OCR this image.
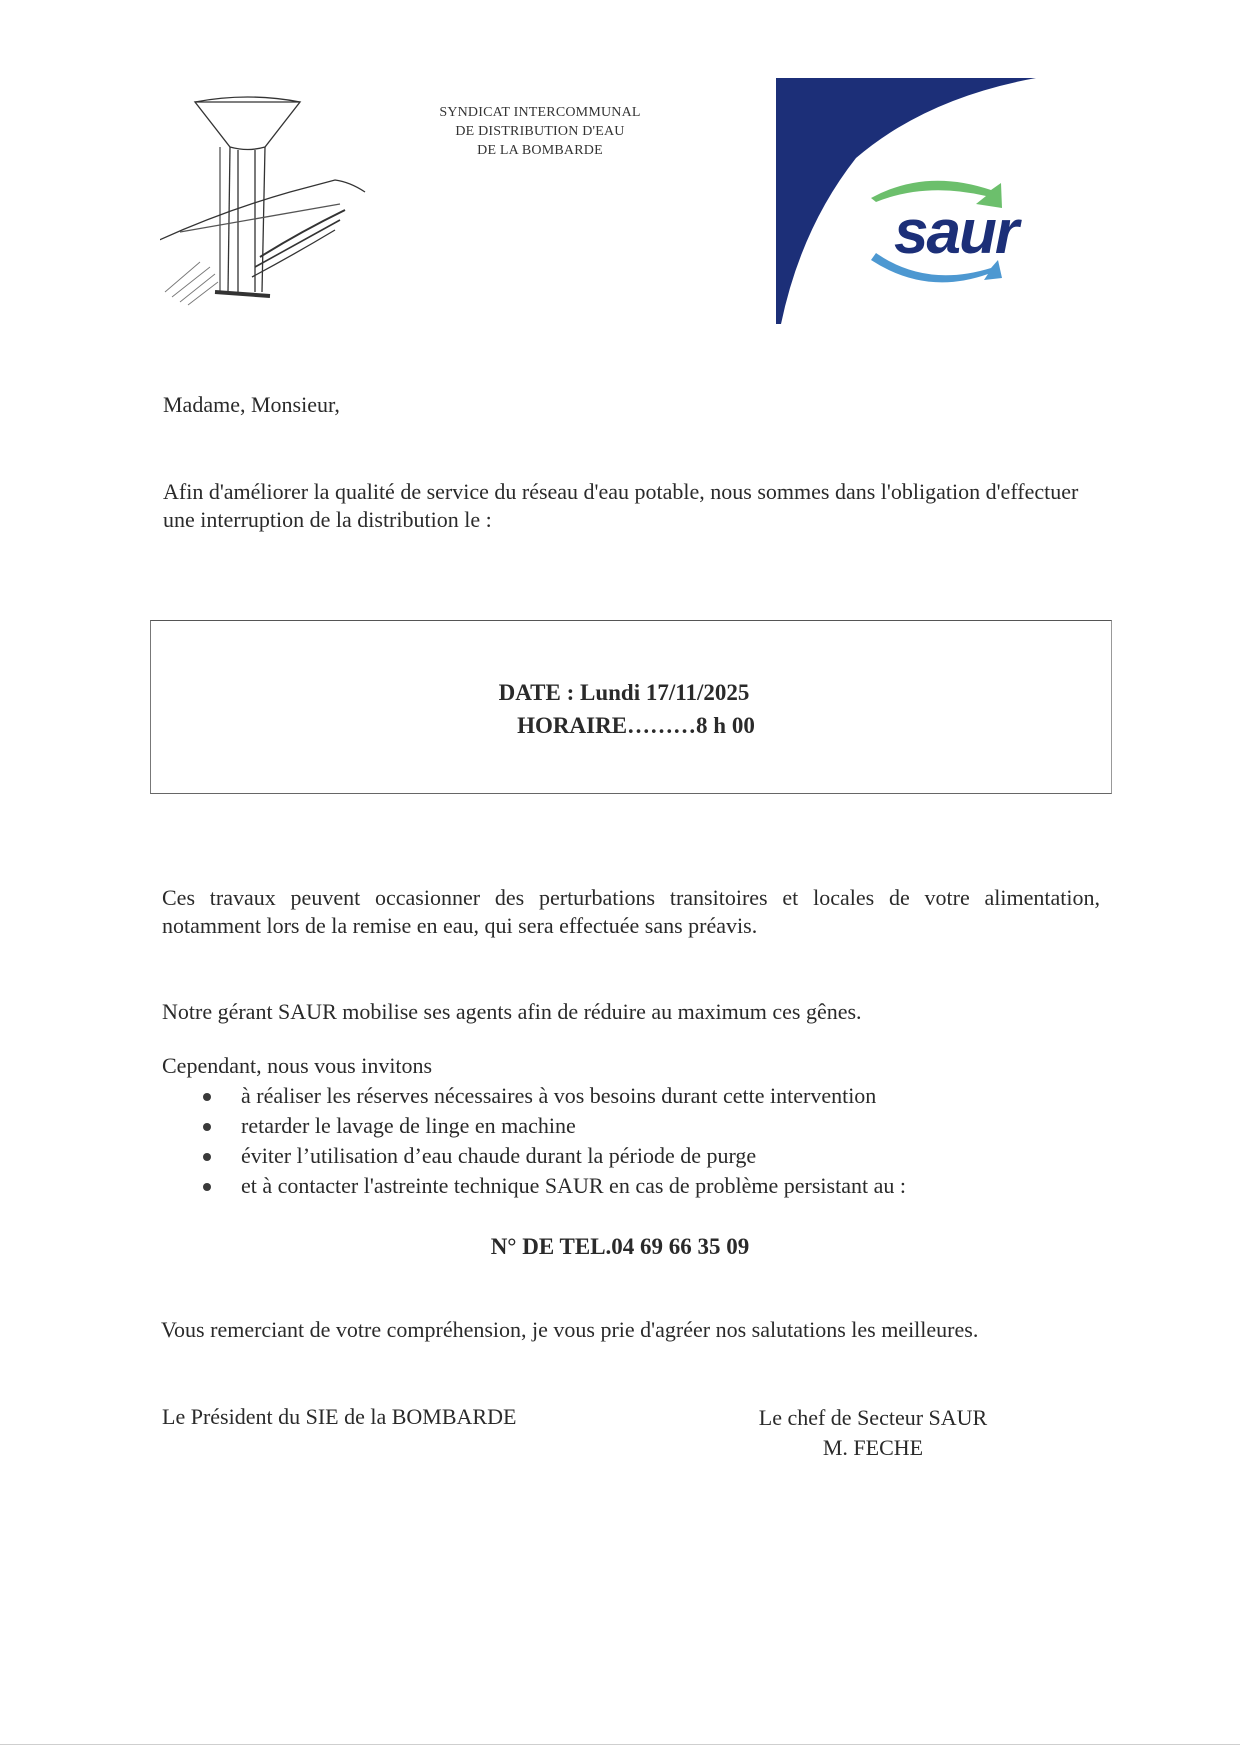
SYNDICAT INTERCOMMUNAL
DE DISTRIBUTION D'EAU
DE LA BOMBARDE
saur
Madame, Monsieur,
Afin d'améliorer la qualité de service du réseau d'eau potable, nous sommes dans l'obligation d'effectuer une interruption de la distribution le :
DATE : Lundi 17/11/2025
HORAIRE………8 h 00
Ces travaux peuvent occasionner des perturbations transitoires et locales de votre alimentation, notamment lors de la remise en eau, qui sera effectuée sans préavis.
Notre gérant SAUR mobilise ses agents afin de réduire au maximum ces gênes.
Cependant, nous vous invitons
à réaliser les réserves nécessaires à vos besoins durant cette intervention
retarder le lavage de linge en machine
éviter l’utilisation d’eau chaude durant la période de purge
et à contacter l'astreinte technique SAUR en cas de problème persistant au :
N° DE TEL.04 69 66 35 09
Vous remerciant de votre compréhension, je vous prie d'agréer nos salutations les meilleures.
Le Président du SIE de la BOMBARDE	Le chef de Secteur SAUR
M. FECHE
